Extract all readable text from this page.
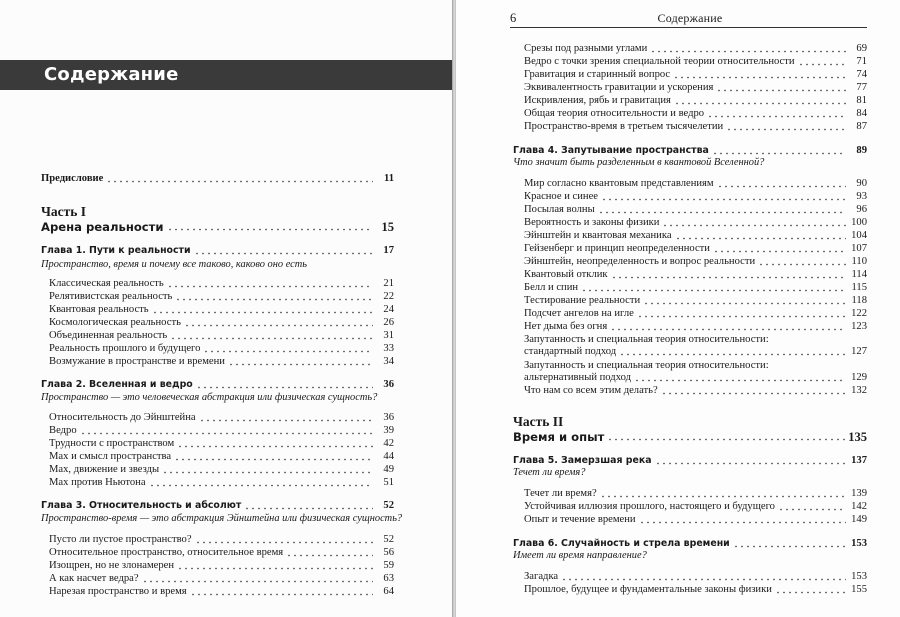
Содержание
Предисловие	11
Часть I
Арена реальности	15
Глава 1. Пути к реальности	17
Пространство, время и почему все таково, каково оно есть
Классическая реальность	21
Релятивистская реальность	22
Квантовая реальность	24
Космологическая реальность	26
Объединенная реальность	31
Реальность прошлого и будущего	33
Возмужание в пространстве и времени	34
Глава 2. Вселенная и ведро	36
Пространство — это человеческая абстракция или физическая сущность?
Относительность до Эйнштейна	36
Ведро	39
Трудности с пространством	42
Мах и смысл пространства	44
Мах, движение и звезды	49
Мах против Ньютона	51
Глава 3. Относительность и абсолют	52
Пространство-время — это абстракция Эйнштейна или физическая сущность?
Пусто ли пустое пространство?	52
Относительное пространство, относительное время	56
Изощрен, но не злонамерен	59
А как насчет ведра?	63
Нарезая пространство и время	64
6	Содержание
Срезы под разными углами	69
Ведро с точки зрения специальной теории относительности	71
Гравитация и старинный вопрос	74
Эквивалентность гравитации и ускорения	77
Искривления, рябь и гравитация	81
Общая теория относительности и ведро	84
Пространство-время в третьем тысячелетии	87
Глава 4. Запутывание пространства	89
Что значит быть разделенным в квантовой Вселенной?
Мир согласно квантовым представлениям	90
Красное и синее	93
Посылая волны	96
Вероятность и законы физики	100
Эйнштейн и квантовая механика	104
Гейзенберг и принцип неопределенности	107
Эйнштейн, неопределенность и вопрос реальности	110
Квантовый отклик	114
Белл и спин	115
Тестирование реальности	118
Подсчет ангелов на игле	122
Нет дыма без огня	123
Запутанность и специальная теория относительности:
стандартный подход	127
Запутанность и специальная теория относительности:
альтернативный подход	129
Что нам со всем этим делать?	132
Часть II
Время и опыт	135
Глава 5. Замерзшая река	137
Течет ли время?
Течет ли время?	139
Устойчивая иллюзия прошлого, настоящего и будущего	142
Опыт и течение времени	149
Глава 6. Случайность и стрела времени	153
Имеет ли время направление?
Загадка	153
Прошлое, будущее и фундаментальные законы физики	155
